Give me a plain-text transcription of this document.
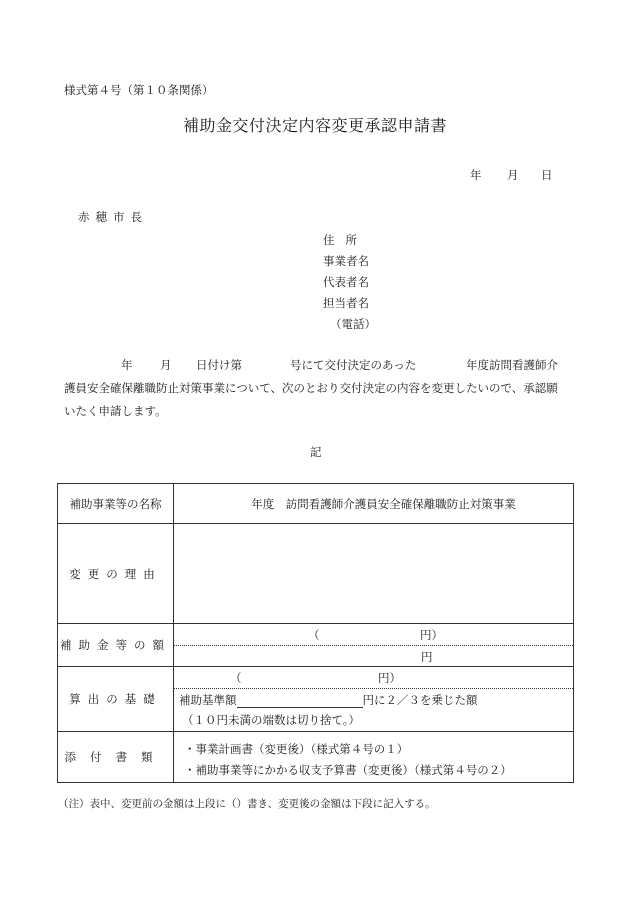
様式第４号（第１０条関係）
補助金交付決定内容変更承認申請書
年 月 日
赤穂市長
住所
事業者名
代表者名
担当者名
（電話）
年 月 日付け第	号にて交付決定のあった	年度訪問看護師介
護員安全確保離職防止対策事業について、次のとおり交付決定の内容を変更したいので、承認願
いたく申請します。
記
補助事業等の名称	年度　訪問看護師介護員安全確保離職防止対策事業

変更の理由	
補助金等の額	（ 円）
円

算出の基礎	（ 円）
補助基準額 円に２／３を乗じた額
（１０円未満の端数は切り捨て。）

添付書類	・事業計画書（変更後）（様式第４号の１）
・補助事業等にかかる収支予算書（変更後）（様式第４号の２）
（注）表中、変更前の金額は上段に（）書き、変更後の金額は下段に記入する。
